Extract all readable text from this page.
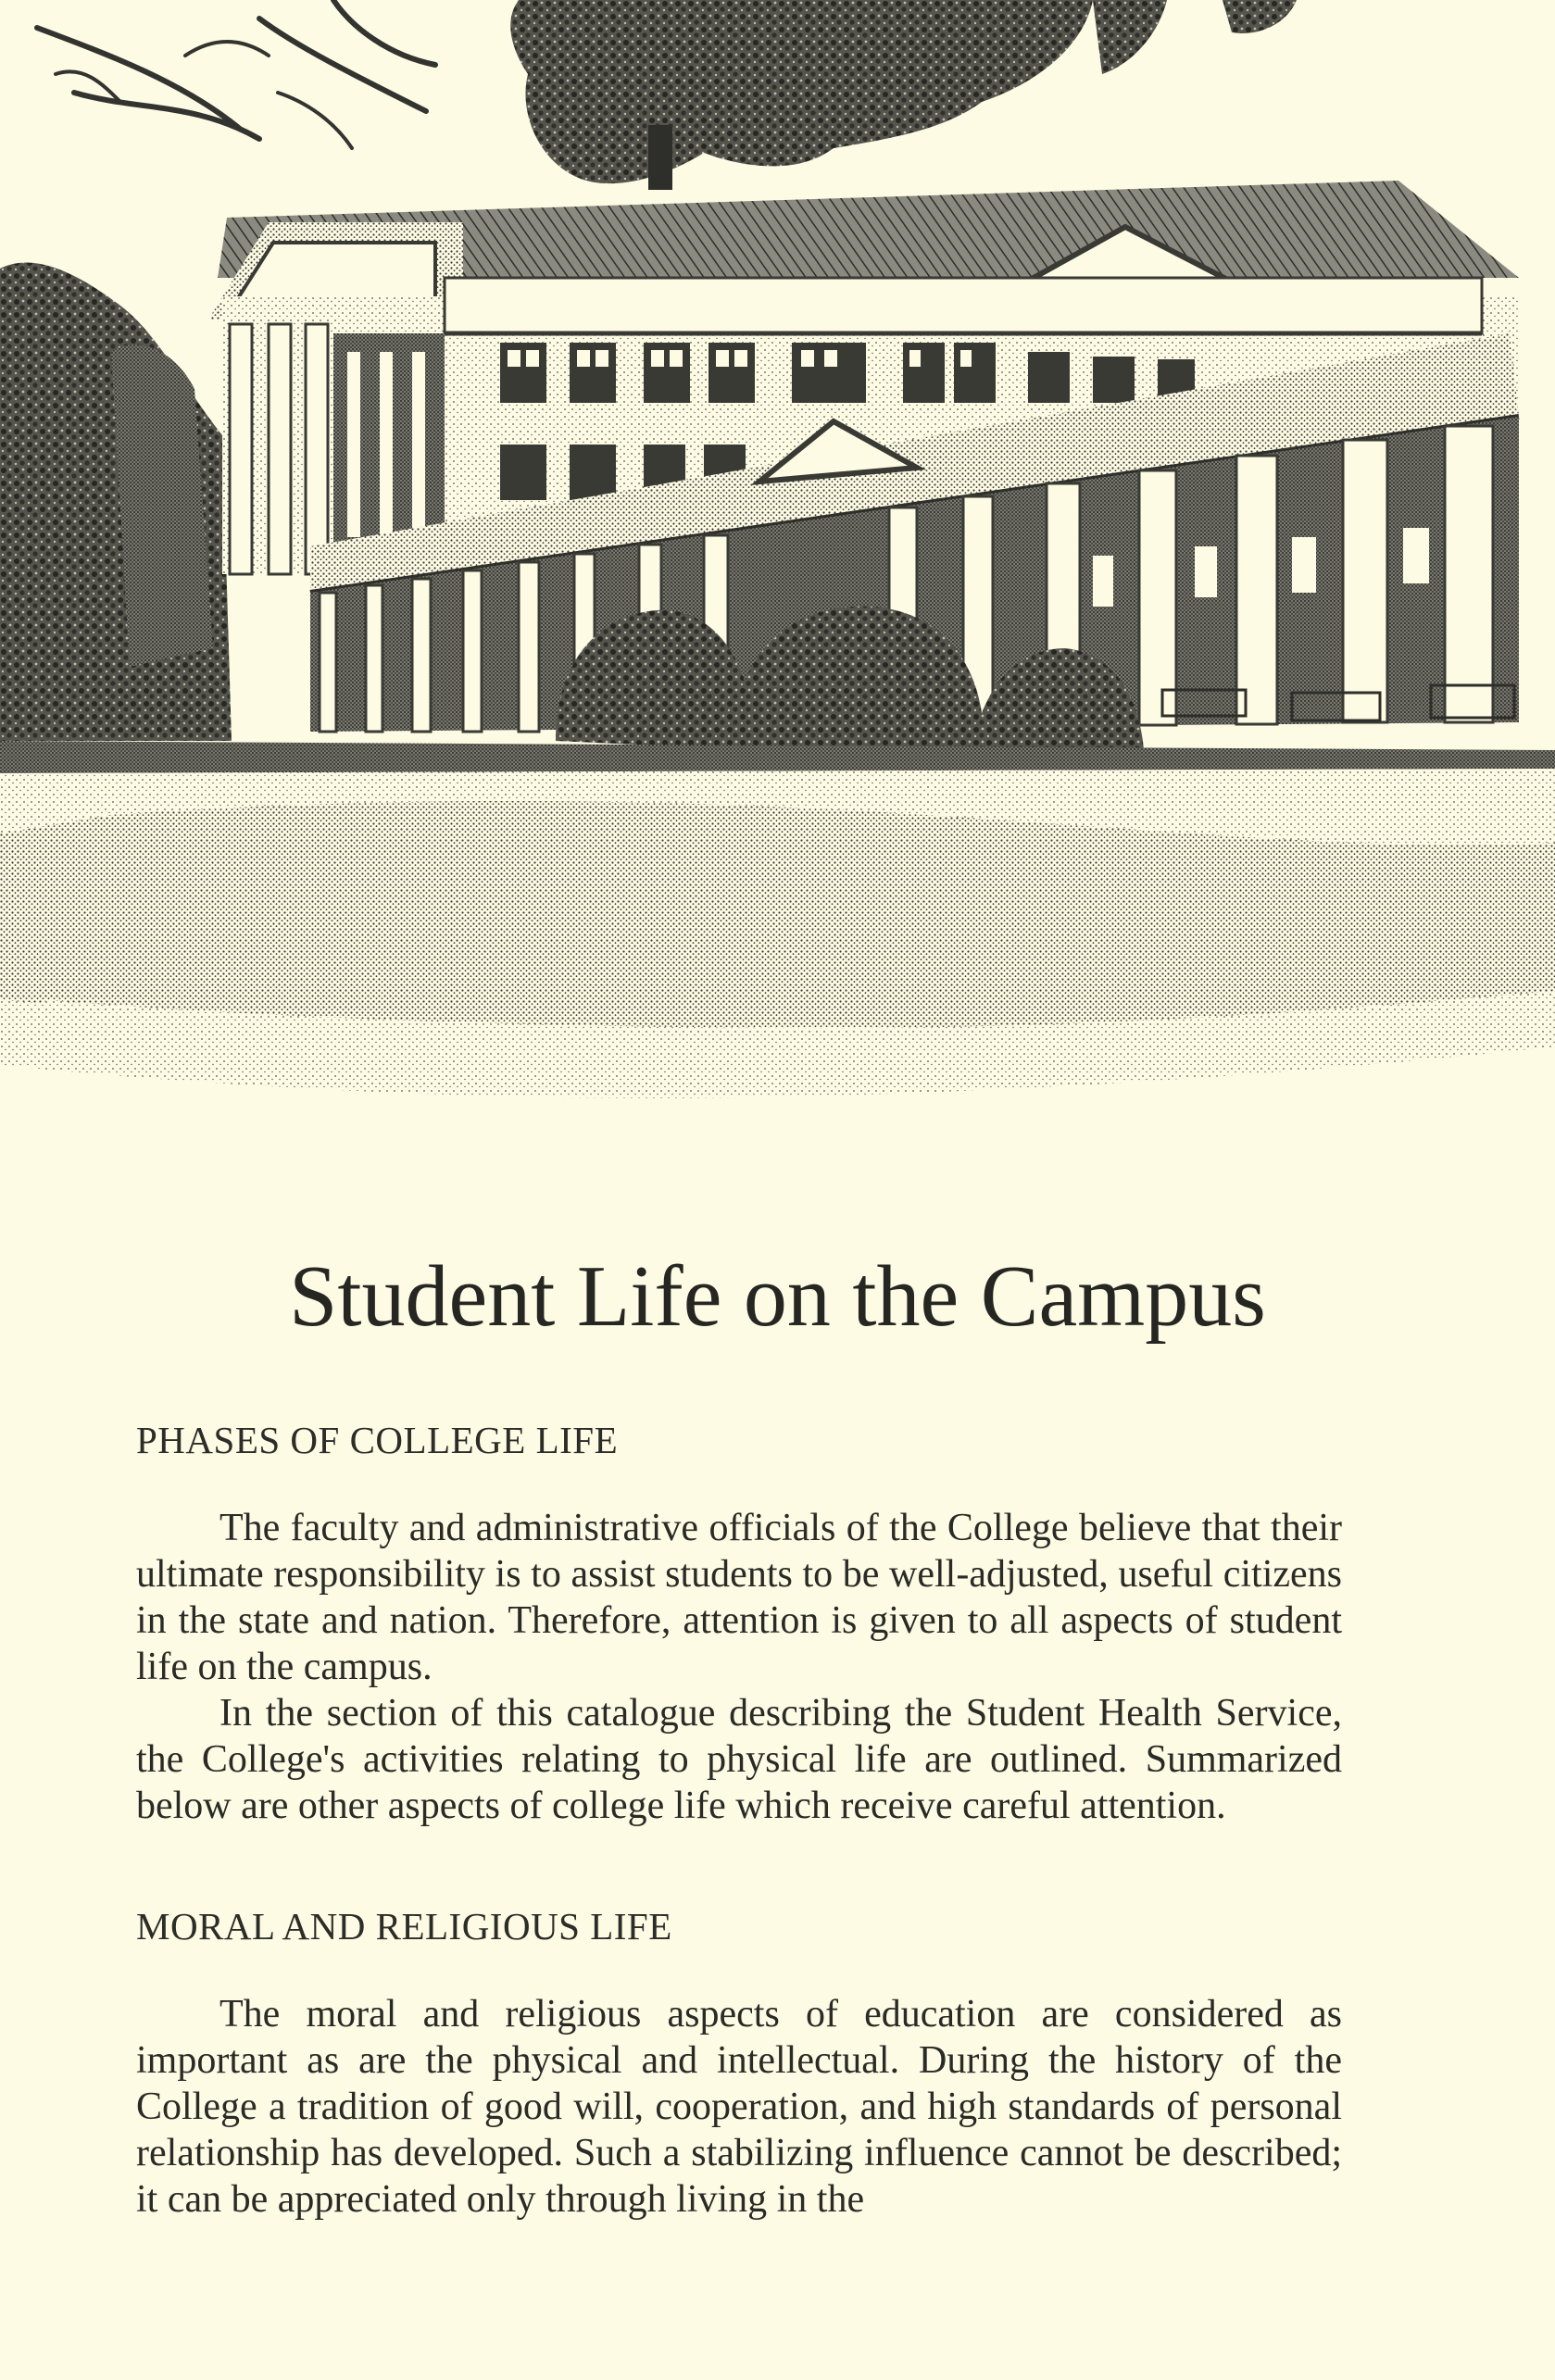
Student Life on the Campus
PHASES OF COLLEGE LIFE

The faculty and administrative officials of the College believe that their ultimate responsibility is to assist students to be well-adjusted, useful citizens in the state and nation. Therefore, attention is given to all aspects of student life on the campus.

In the section of this catalogue describing the Student Health Service, the College's activities relating to physical life are outlined. Summarized below are other aspects of college life which receive careful attention.

MORAL AND RELIGIOUS LIFE

The moral and religious aspects of education are considered as important as are the physical and intellectual. During the history of the College a tradition of good will, cooperation, and high standards of personal relationship has developed. Such a stabilizing influence cannot be described; it can be appreciated only through living in the
